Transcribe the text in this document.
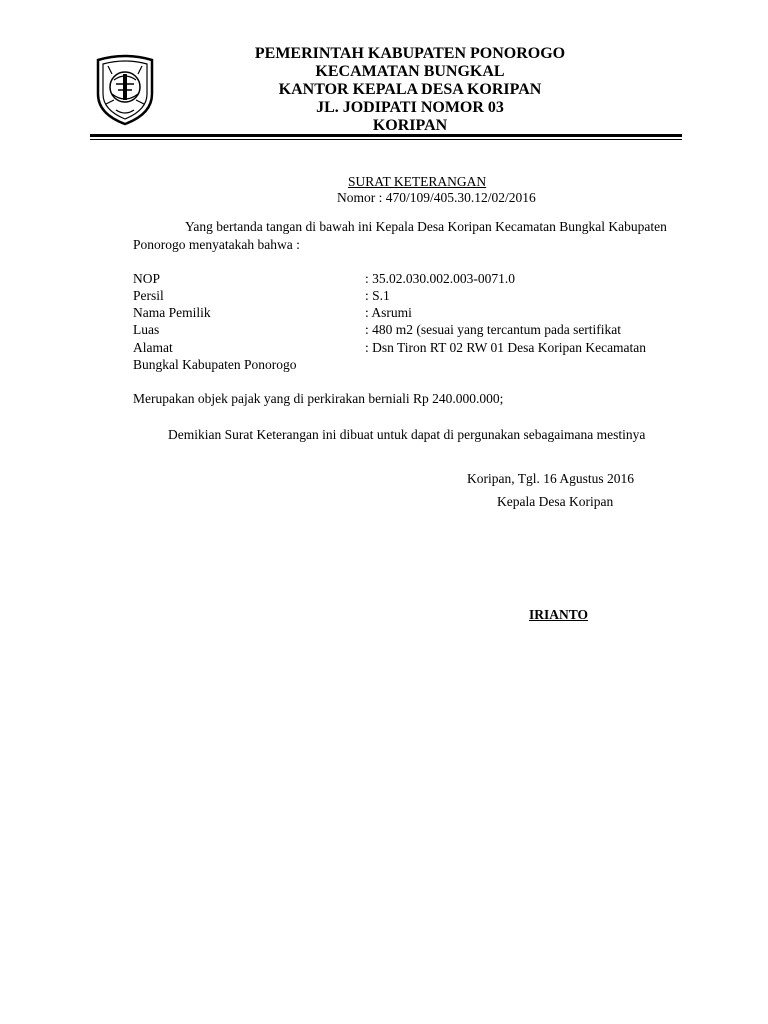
PEMERINTAH KABUPATEN PONOROGO
KECAMATAN BUNGKAL
KANTOR KEPALA DESA KORIPAN
JL. JODIPATI NOMOR 03
KORIPAN
SURAT KETERANGAN
Nomor : 470/109/405.30.12/02/2016
Yang bertanda tangan di bawah ini Kepala Desa Koripan Kecamatan Bungkal Kabupaten
Ponorogo menyatakah bahwa :
NOP	: 35.02.030.002.003-0071.0
Persil	: S.1
Nama Pemilik	: Asrumi
Luas	: 480 m2 (sesuai yang tercantum pada sertifikat
Alamat	: Dsn Tiron RT 02 RW 01 Desa Koripan Kecamatan
Bungkal Kabupaten Ponorogo
Merupakan objek pajak yang di perkirakan berniali Rp 240.000.000;
Demikian Surat Keterangan ini dibuat untuk dapat di pergunakan sebagaimana mestinya
Koripan, Tgl. 16 Agustus 2016
Kepala Desa Koripan
IRIANTO
